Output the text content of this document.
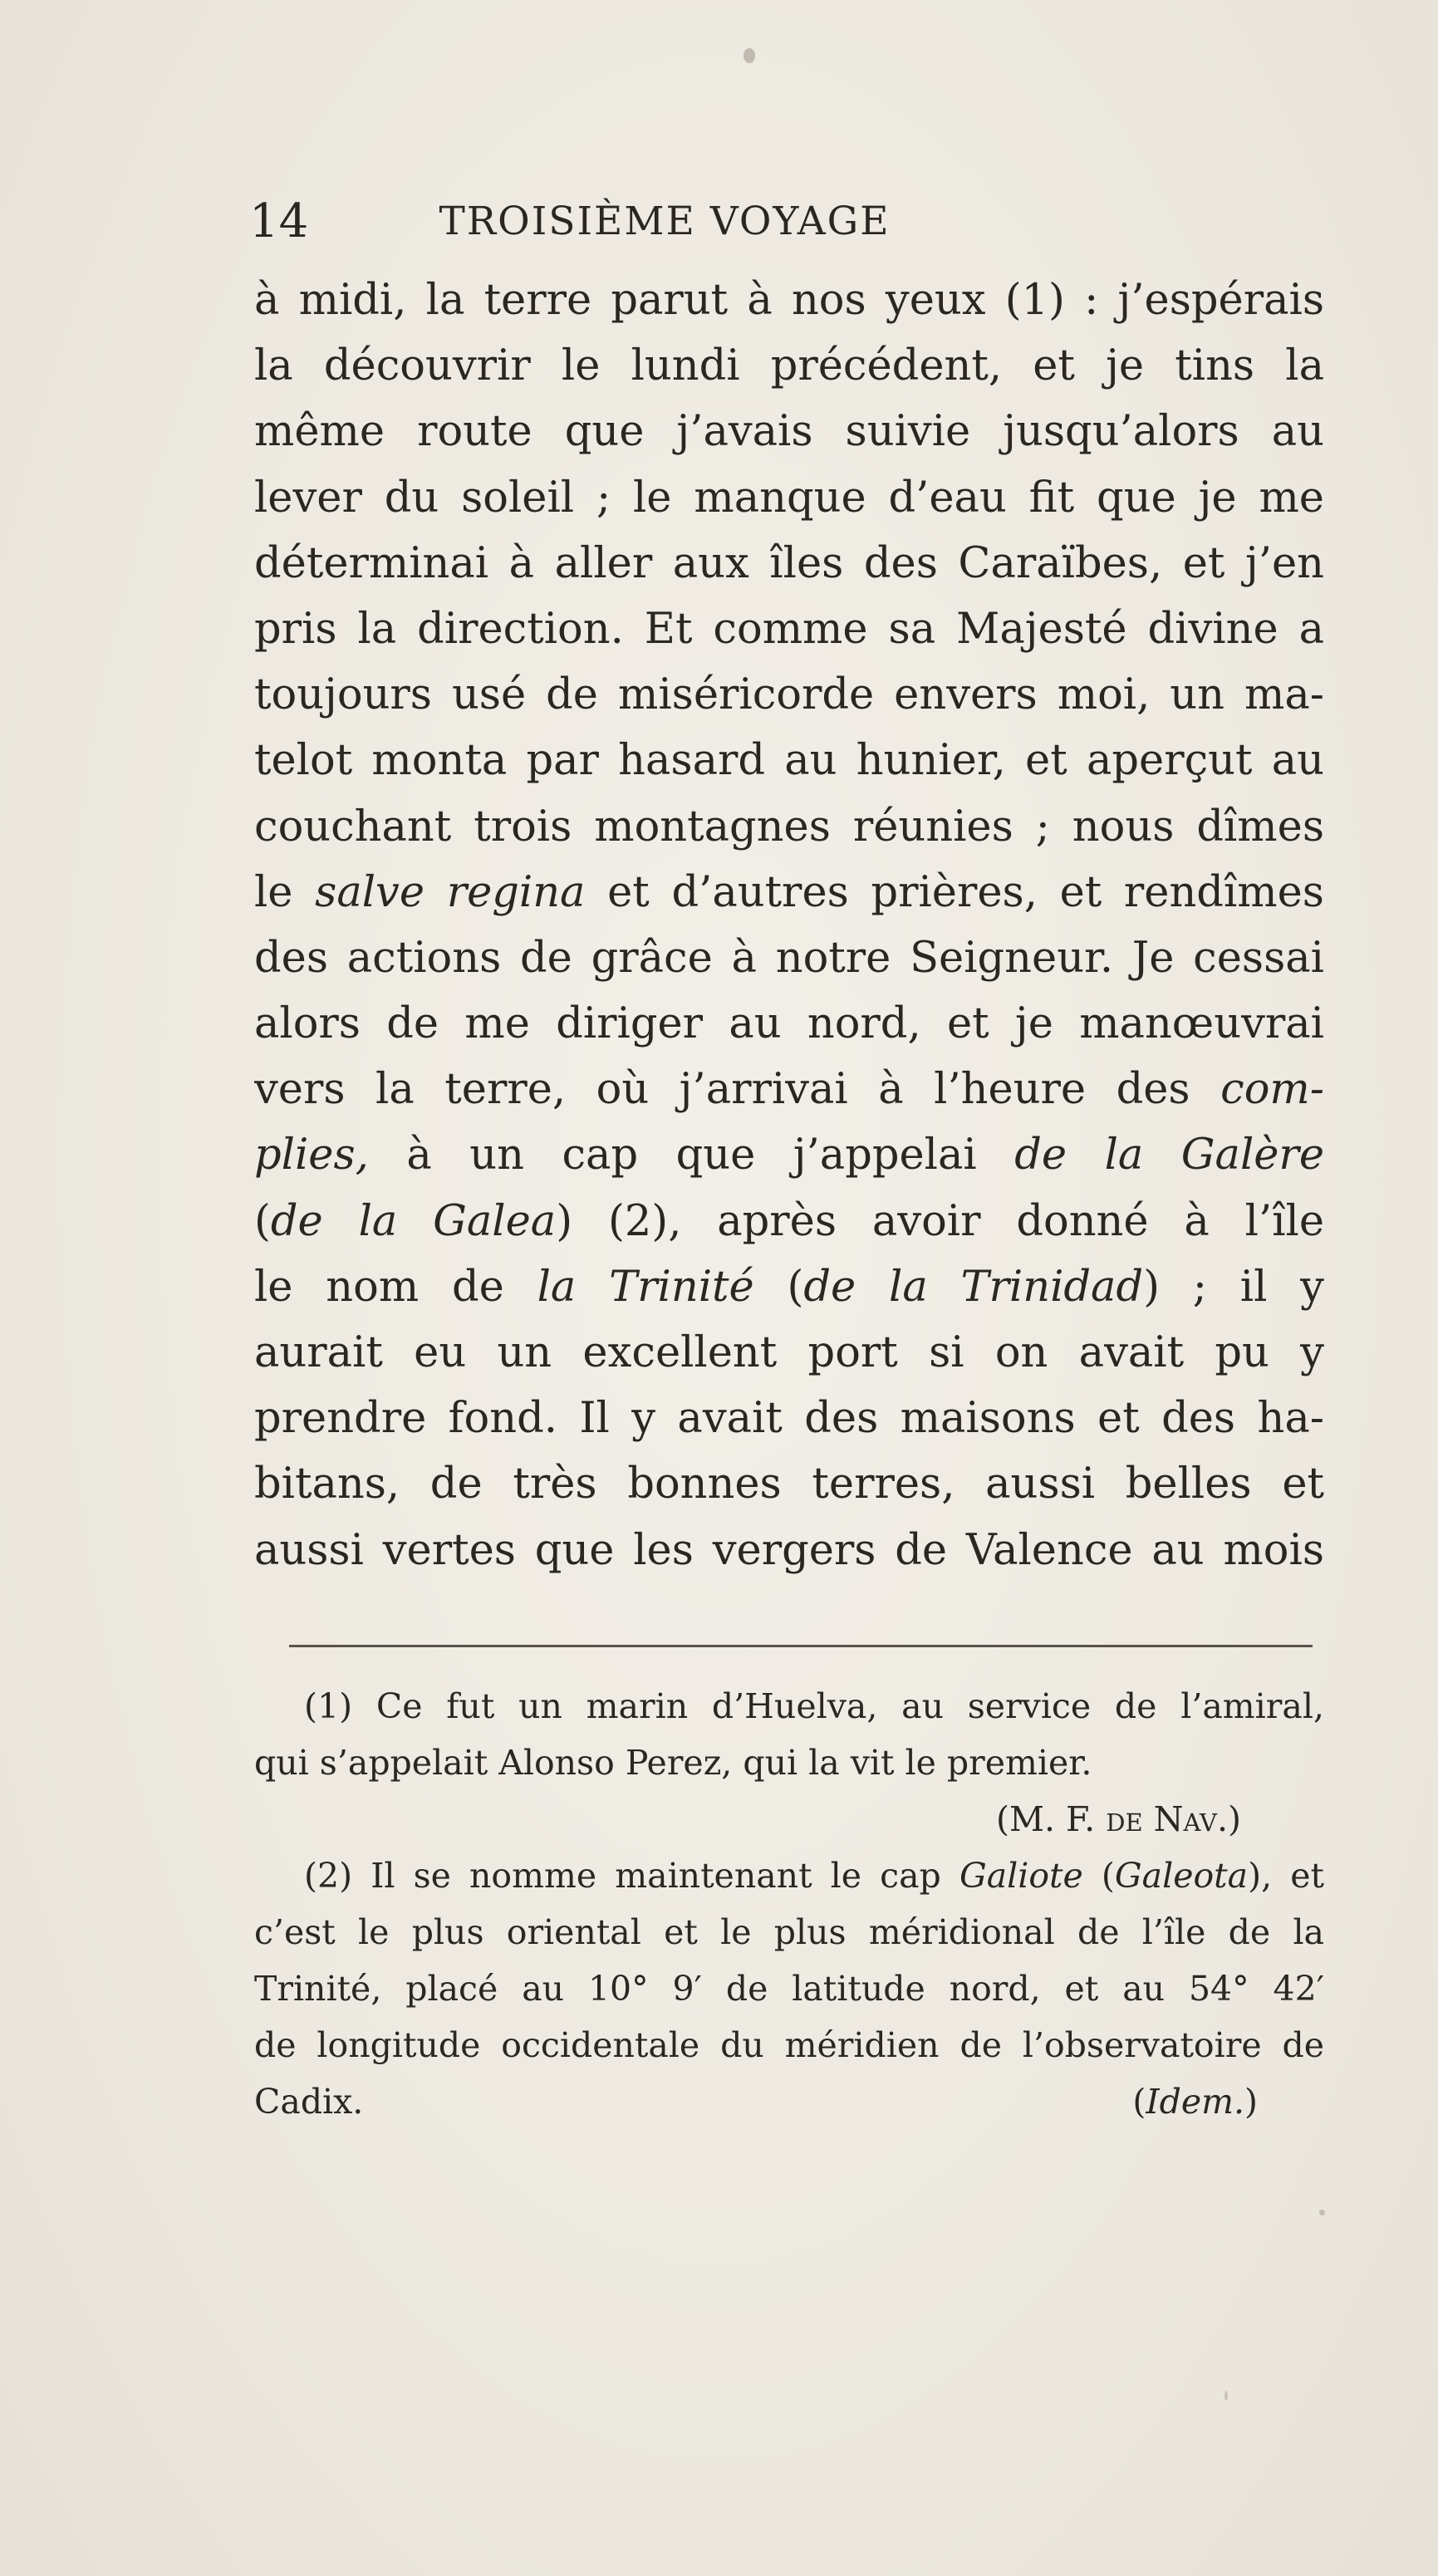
14	TROISIÈME VOYAGE
à midi, la terre parut à nos yeux (1) : j’espérais
la découvrir le lundi précédent, et je tins la
même route que j’avais suivie jusqu’alors au
lever du soleil ; le manque d’eau fit que je me
déterminai à aller aux îles des Caraïbes, et j’en
pris la direction. Et comme sa Majesté divine a
toujours usé de miséricorde envers moi, un ma-
telot monta par hasard au hunier, et aperçut au
couchant trois montagnes réunies ; nous dîmes
le salve regina et d’autres prières, et rendîmes
des actions de grâce à notre Seigneur. Je cessai
alors de me diriger au nord, et je manœuvrai
vers la terre, où j’arrivai à l’heure des com-
plies, à un cap que j’appelai de la Galère
(de la Galea) (2), après avoir donné à l’île
le nom de la Trinité (de la Trinidad) ; il y
aurait eu un excellent port si on avait pu y
prendre fond. Il y avait des maisons et des ha-
bitans, de très bonnes terres, aussi belles et
aussi vertes que les vergers de Valence au mois
(1) Ce fut un marin d’Huelva, au service de l’amiral,
qui s’appelait Alonso Perez, qui la vit le premier.
(M. F. de Nav.)
(2) Il se nomme maintenant le cap Galiote (Galeota), et
c’est le plus oriental et le plus méridional de l’île de la
Trinité, placé au 10° 9′ de latitude nord, et au 54° 42′
de longitude occidentale du méridien de l’observatoire de
Cadix.	(Idem.)
